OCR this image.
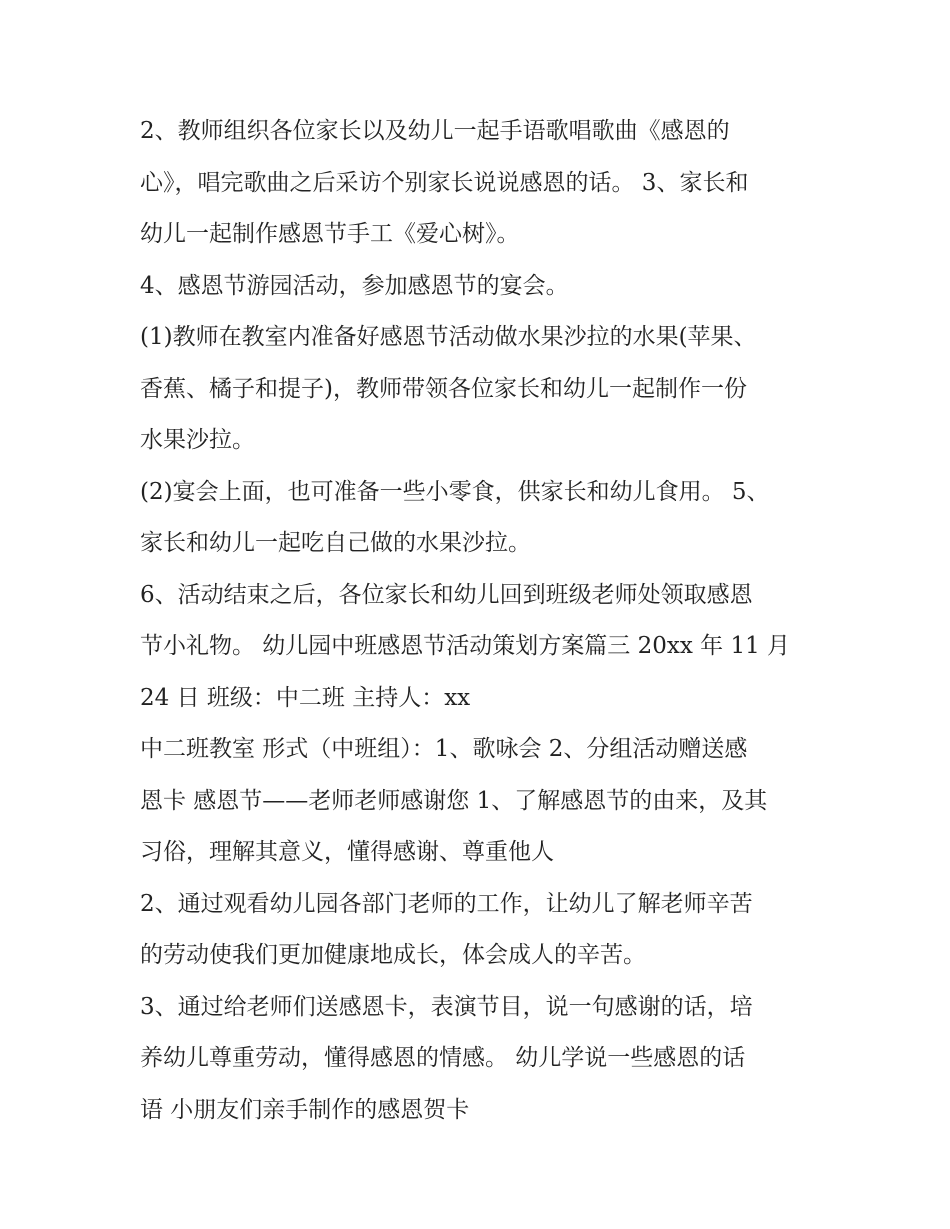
2、教师组织各位家长以及幼儿一起手语歌唱歌曲《感恩的
心》，唱完歌曲之后采访个别家长说说感恩的话。 3、家长和
幼儿一起制作感恩节手工《爱心树》。
4、感恩节游园活动，参加感恩节的宴会。
(1)教师在教室内准备好感恩节活动做水果沙拉的水果(苹果、
香蕉、橘子和提子)，教师带领各位家长和幼儿一起制作一份
水果沙拉。
(2)宴会上面，也可准备一些小零食，供家长和幼儿食用。 5、
家长和幼儿一起吃自己做的水果沙拉。
6、活动结束之后，各位家长和幼儿回到班级老师处领取感恩
节小礼物。 幼儿园中班感恩节活动策划方案篇三 20xx 年 11 月
24 日 班级：中二班 主持人：xx
中二班教室 形式（中班组）：1、歌咏会 2、分组活动赠送感
恩卡 感恩节——老师老师感谢您 1、了解感恩节的由来，及其
习俗，理解其意义，懂得感谢、尊重他人
2、通过观看幼儿园各部门老师的工作，让幼儿了解老师辛苦
的劳动使我们更加健康地成长，体会成人的辛苦。
3、通过给老师们送感恩卡，表演节目，说一句感谢的话，培
养幼儿尊重劳动，懂得感恩的情感。 幼儿学说一些感恩的话
语 小朋友们亲手制作的感恩贺卡
